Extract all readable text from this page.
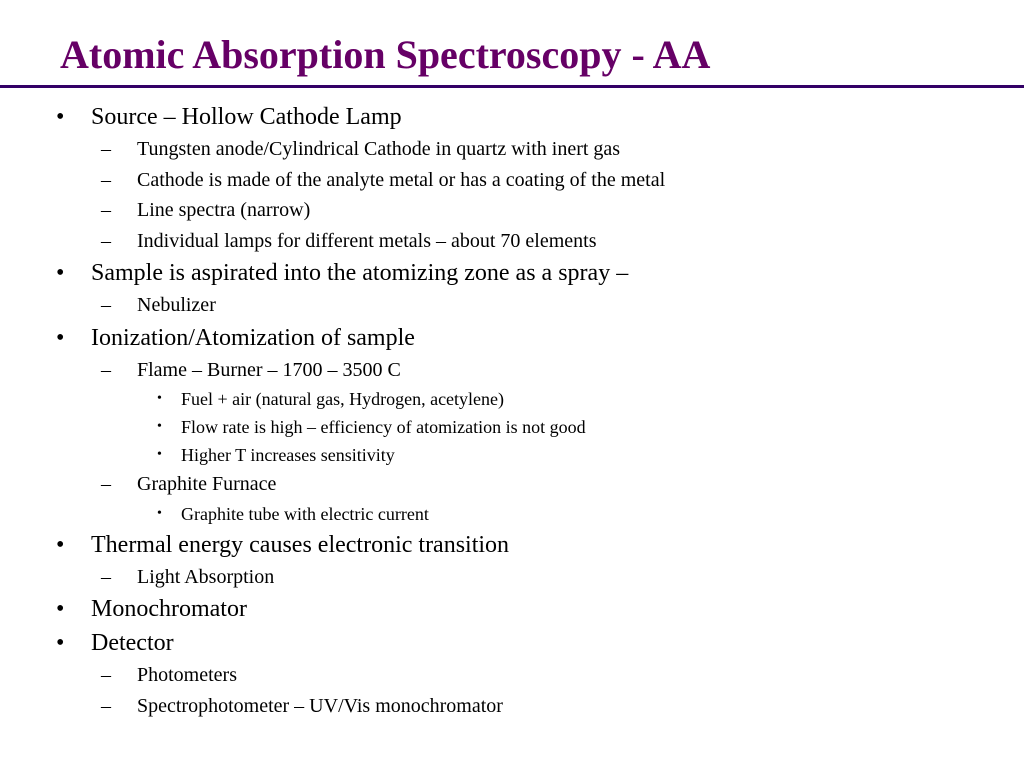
Atomic Absorption Spectroscopy - AA
• Source – Hollow Cathode Lamp
– Tungsten anode/Cylindrical Cathode in quartz with inert gas
– Cathode is made of the analyte metal or has a coating of the metal
– Line spectra (narrow)
– Individual lamps for different metals – about 70 elements
• Sample is aspirated into the atomizing zone as a spray –
– Nebulizer
• Ionization/Atomization of sample
– Flame – Burner – 1700 – 3500 C
• Fuel + air (natural gas, Hydrogen, acetylene)
• Flow rate is high – efficiency of atomization is not good
• Higher T increases sensitivity
– Graphite Furnace
• Graphite tube with electric current
• Thermal energy causes electronic transition
– Light Absorption
• Monochromator
• Detector
– Photometers
– Spectrophotometer – UV/Vis monochromator
